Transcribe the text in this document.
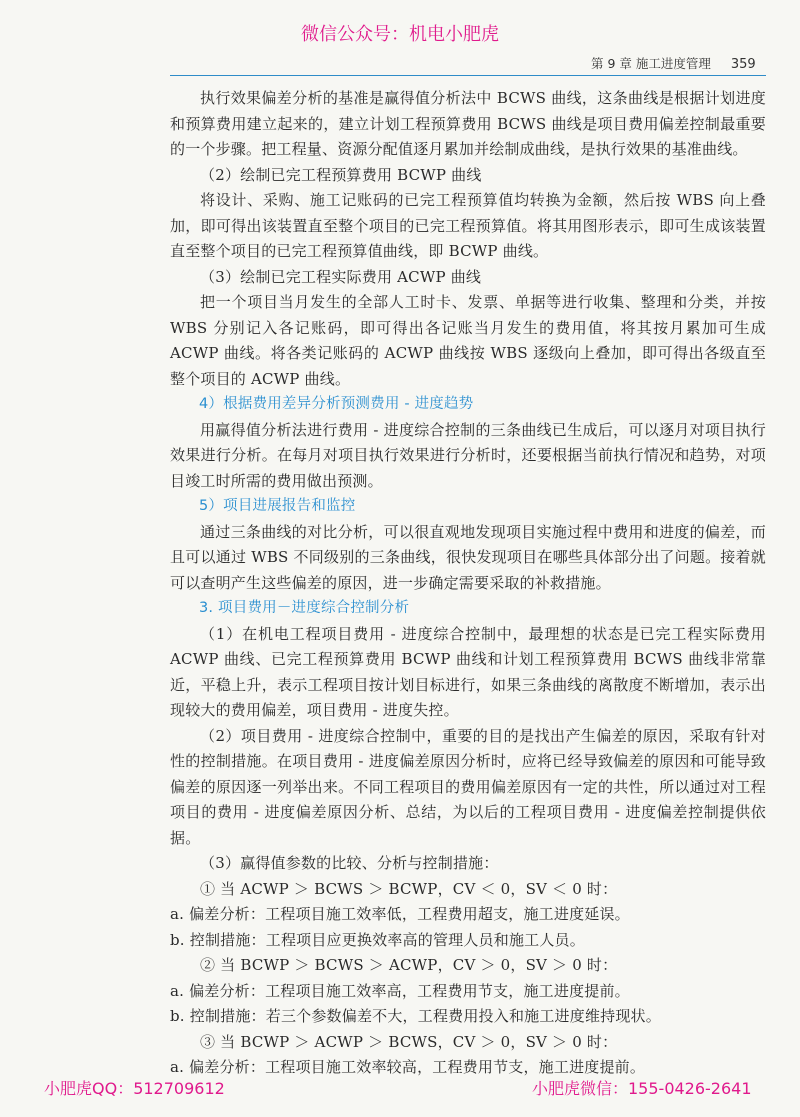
微信公众号：机电小肥虎
第 9 章 施工进度管理 359

执行效果偏差分析的基准是赢得值分析法中 BCWS 曲线，这条曲线是根据计划进度和预算费用建立起来的，建立计划工程预算费用 BCWS 曲线是项目费用偏差控制最重要的一个步骤。把工程量、资源分配值逐月累加并绘制成曲线，是执行效果的基准曲线。

（2）绘制已完工程预算费用 BCWP 曲线

将设计、采购、施工记账码的已完工程预算值均转换为金额，然后按 WBS 向上叠加，即可得出该装置直至整个项目的已完工程预算值。将其用图形表示，即可生成该装置直至整个项目的已完工程预算值曲线，即 BCWP 曲线。

（3）绘制已完工程实际费用 ACWP 曲线

把一个项目当月发生的全部人工时卡、发票、单据等进行收集、整理和分类，并按 WBS 分别记入各记账码，即可得出各记账当月发生的费用值，将其按月累加可生成 ACWP 曲线。将各类记账码的 ACWP 曲线按 WBS 逐级向上叠加，即可得出各级直至整个项目的 ACWP 曲线。

4）根据费用差异分析预测费用 - 进度趋势

用赢得值分析法进行费用 - 进度综合控制的三条曲线已生成后，可以逐月对项目执行效果进行分析。在每月对项目执行效果进行分析时，还要根据当前执行情况和趋势，对项目竣工时所需的费用做出预测。

5）项目进展报告和监控

通过三条曲线的对比分析，可以很直观地发现项目实施过程中费用和进度的偏差，而且可以通过 WBS 不同级别的三条曲线，很快发现项目在哪些具体部分出了问题。接着就可以查明产生这些偏差的原因，进一步确定需要采取的补救措施。

3. 项目费用－进度综合控制分析

（1）在机电工程项目费用 - 进度综合控制中，最理想的状态是已完工程实际费用 ACWP 曲线、已完工程预算费用 BCWP 曲线和计划工程预算费用 BCWS 曲线非常靠近，平稳上升，表示工程项目按计划目标进行，如果三条曲线的离散度不断增加，表示出现较大的费用偏差，项目费用 - 进度失控。

（2）项目费用 - 进度综合控制中，重要的目的是找出产生偏差的原因，采取有针对性的控制措施。在项目费用 - 进度偏差原因分析时，应将已经导致偏差的原因和可能导致偏差的原因逐一列举出来。不同工程项目的费用偏差原因有一定的共性，所以通过对工程项目的费用 - 进度偏差原因分析、总结，为以后的工程项目费用 - 进度偏差控制提供依据。

（3）赢得值参数的比较、分析与控制措施：

① 当 ACWP ＞ BCWS ＞ BCWP，CV ＜ 0，SV ＜ 0 时：

a. 偏差分析：工程项目施工效率低，工程费用超支，施工进度延误。

b. 控制措施：工程项目应更换效率高的管理人员和施工人员。

② 当 BCWP ＞ BCWS ＞ ACWP，CV ＞ 0，SV ＞ 0 时：

a. 偏差分析：工程项目施工效率高，工程费用节支，施工进度提前。

b. 控制措施：若三个参数偏差不大，工程费用投入和施工进度维持现状。

③ 当 BCWP ＞ ACWP ＞ BCWS，CV ＞ 0，SV ＞ 0 时：

a. 偏差分析：工程项目施工效率较高，工程费用节支，施工进度提前。

小肥虎QQ：512709612	小肥虎微信：155-0426-2641
